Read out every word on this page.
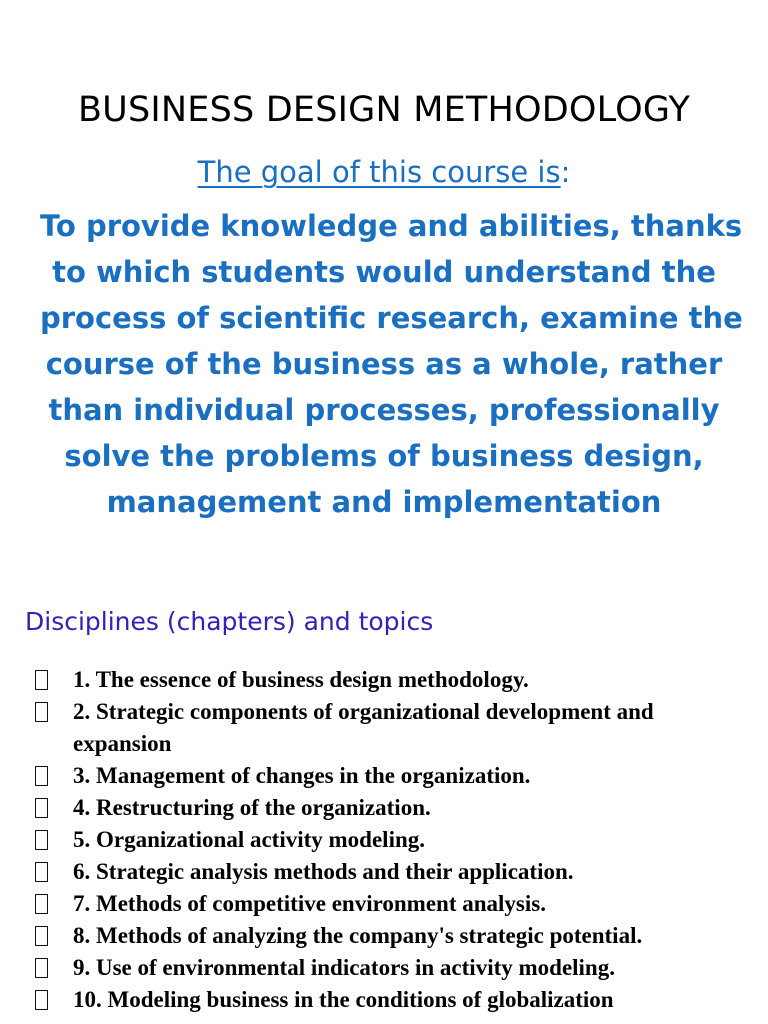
BUSINESS DESIGN METHODOLOGY
The goal of this course is:
To provide knowledge and abilities, thanks
to which students would understand the
process of scientific research, examine the
course of the business as a whole, rather
than individual processes, professionally
solve the problems of business design,
management and implementation
Disciplines (chapters) and topics
1. The essence of business design methodology.
2. Strategic components of organizational development and expansion
3. Management of changes in the organization.
4. Restructuring of the organization.
5. Organizational activity modeling.
6. Strategic analysis methods and their application.
7. Methods of competitive environment analysis.
8. Methods of analyzing the company's strategic potential.
9. Use of environmental indicators in activity modeling.
10. Modeling business in the conditions of globalization
